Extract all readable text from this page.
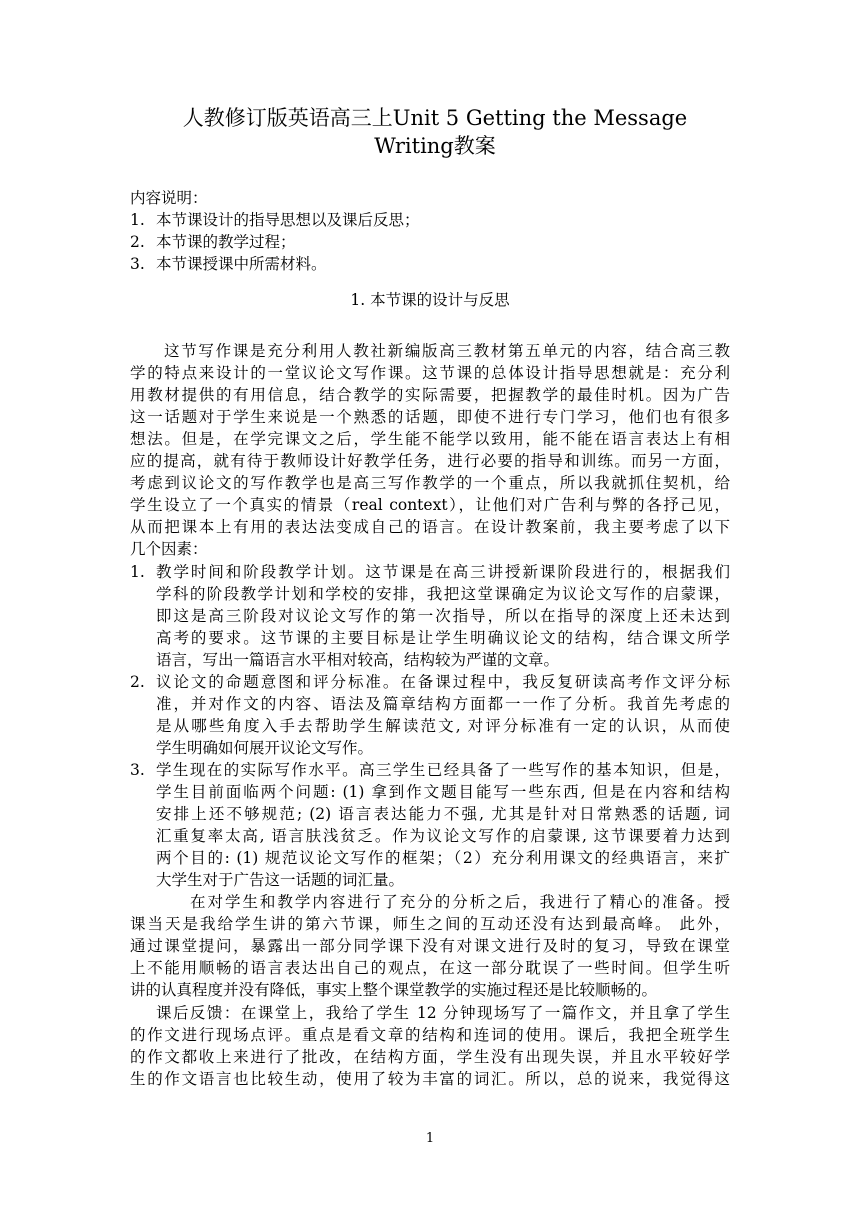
人教修订版英语高三上Unit 5 Getting the Message
Writing教案
内容说明：
1. 本节课设计的指导思想以及课后反思；
2. 本节课的教学过程；
3. 本节课授课中所需材料。
1. 本节课的设计与反思
这节写作课是充分利用人教社新编版高三教材第五单元的内容，结合高三教
学的特点来设计的一堂议论文写作课。这节课的总体设计指导思想就是：充分利
用教材提供的有用信息，结合教学的实际需要，把握教学的最佳时机。因为广告
这一话题对于学生来说是一个熟悉的话题，即使不进行专门学习，他们也有很多
想法。但是，在学完课文之后，学生能不能学以致用，能不能在语言表达上有相
应的提高，就有待于教师设计好教学任务，进行必要的指导和训练。而另一方面，
考虑到议论文的写作教学也是高三写作教学的一个重点，所以我就抓住契机，给
学生设立了一个真实的情景（real context），让他们对广告利与弊的各抒己见，
从而把课本上有用的表达法变成自己的语言。在设计教案前，我主要考虑了以下
几个因素：
1. 教学时间和阶段教学计划。这节课是在高三讲授新课阶段进行的，根据我们
学科的阶段教学计划和学校的安排，我把这堂课确定为议论文写作的启蒙课，
即这是高三阶段对议论文写作的第一次指导，所以在指导的深度上还未达到
高考的要求。这节课的主要目标是让学生明确议论文的结构，结合课文所学
语言，写出一篇语言水平相对较高，结构较为严谨的文章。
2. 议论文的命题意图和评分标准。在备课过程中，我反复研读高考作文评分标
准，并对作文的内容、语法及篇章结构方面都一一作了分析。我首先考虑的
是从哪些角度入手去帮助学生解读范文, 对评分标准有一定的认识，从而使
学生明确如何展开议论文写作。
3. 学生现在的实际写作水平。高三学生已经具备了一些写作的基本知识，但是，
学生目前面临两个问题: (1) 拿到作文题目能写一些东西, 但是在内容和结构
安排上还不够规范; (2) 语言表达能力不强, 尤其是针对日常熟悉的话题, 词
汇重复率太高, 语言肤浅贫乏。作为议论文写作的启蒙课, 这节课要着力达到
两个目的: (1) 规范议论文写作的框架；（2）充分利用课文的经典语言，来扩
大学生对于广告这一话题的词汇量。
在对学生和教学内容进行了充分的分析之后，我进行了精心的准备。授
课当天是我给学生讲的第六节课，师生之间的互动还没有达到最高峰。 此外，
通过课堂提问，暴露出一部分同学课下没有对课文进行及时的复习，导致在课堂
上不能用顺畅的语言表达出自己的观点，在这一部分耽误了一些时间。但学生听
讲的认真程度并没有降低，事实上整个课堂教学的实施过程还是比较顺畅的。
课后反馈：在课堂上，我给了学生 12 分钟现场写了一篇作文，并且拿了学生
的作文进行现场点评。重点是看文章的结构和连词的使用。课后，我把全班学生
的作文都收上来进行了批改，在结构方面，学生没有出现失误，并且水平较好学
生的作文语言也比较生动，使用了较为丰富的词汇。所以，总的说来，我觉得这
1
